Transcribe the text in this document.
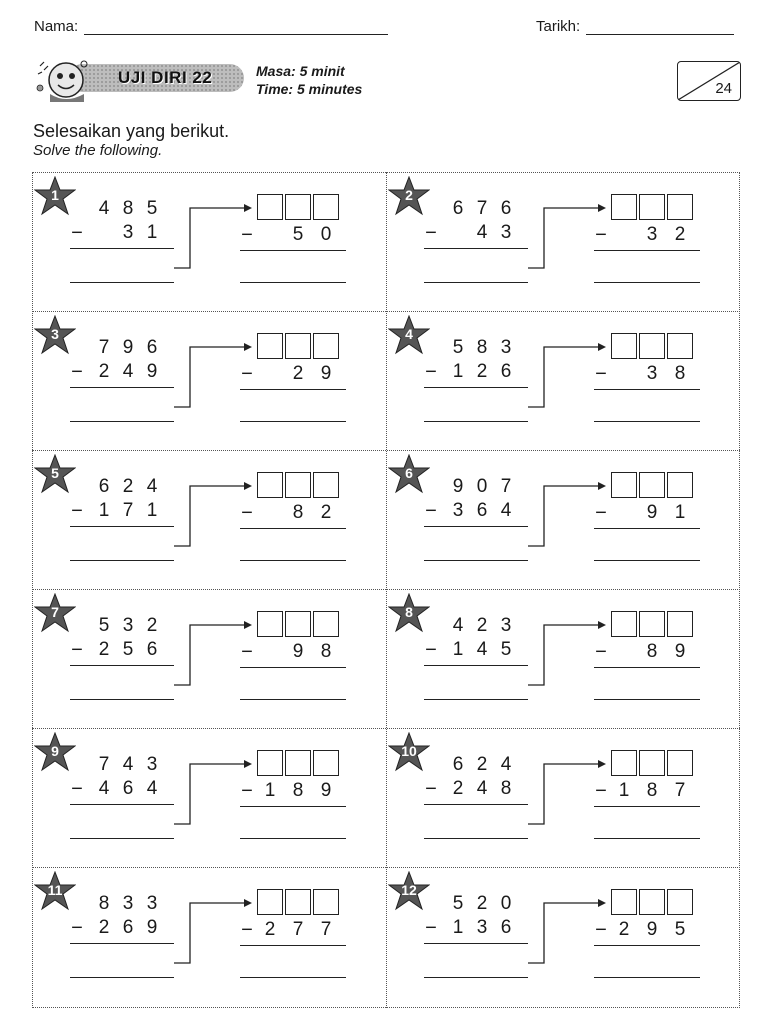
Nama:	Tarikh:
UJI DIRI 22	Masa: 5 minit
Time: 5 minutes	24
Selesaikan yang berikut.
Solve the following.
1
4 8 5
−	3 1	−	5 0
2
6 7 6
−	4 3	−	3 2
3
7 9 6
− 2 4 9	−	2 9
4
5 8 3
− 1 2 6	−	3 8
5
6 2 4
− 1 7 1	−	8 2
6
9 0 7
− 3 6 4	−	9 1
7
5 3 2
− 2 5 6	−	9 8
8
4 2 3
− 1 4 5	−	8 9
9
7 4 3
− 4 6 4	− 1 8 9
10
6 2 4
− 2 4 8	− 1 8 7
11
8 3 3
− 2 6 9	− 2 7 7
12
5 2 0
− 1 3 6	− 2 9 5
